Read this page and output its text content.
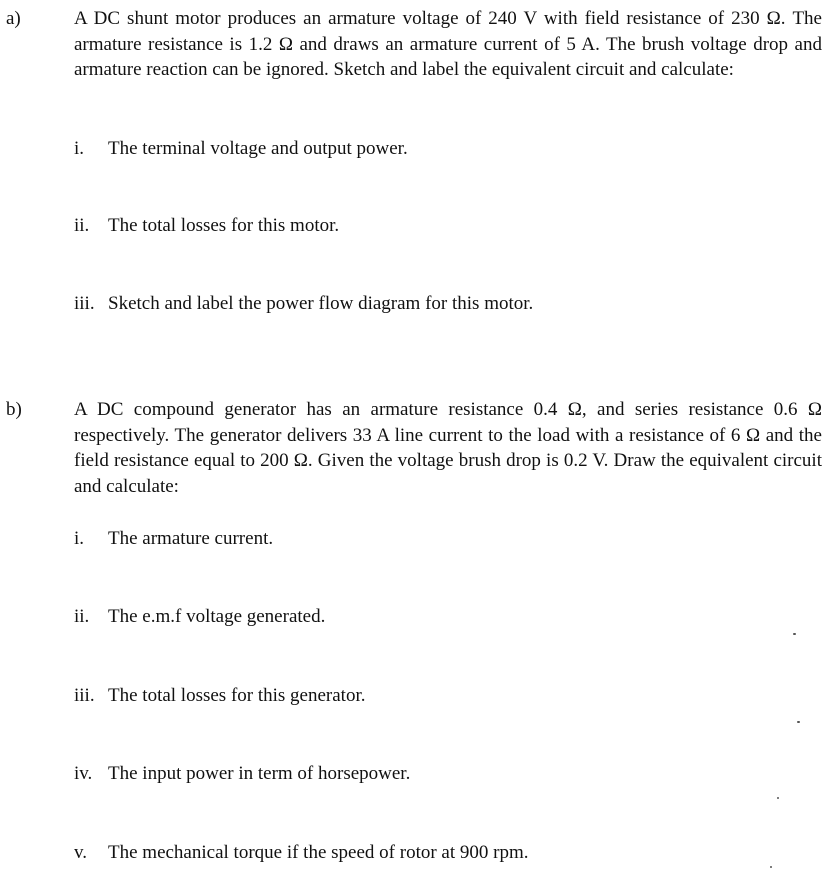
a)	A DC shunt motor produces an armature voltage of 240 V with field resistance of 230 Ω. The armature resistance is 1.2 Ω and draws an armature current of 5 A. The brush voltage drop and armature reaction can be ignored. Sketch and label the equivalent circuit and calculate:
i. The terminal voltage and output power.
ii. The total losses for this motor.
iii. Sketch and label the power flow diagram for this motor.
b)	A DC compound generator has an armature resistance 0.4 Ω, and series resistance 0.6 Ω respectively. The generator delivers 33 A line current to the load with a resistance of 6 Ω and the field resistance equal to 200 Ω. Given the voltage brush drop is 0.2 V. Draw the equivalent circuit and calculate:
i. The armature current.
ii. The e.m.f voltage generated.
iii. The total losses for this generator.
iv. The input power in term of horsepower.
v. The mechanical torque if the speed of rotor at 900 rpm.
